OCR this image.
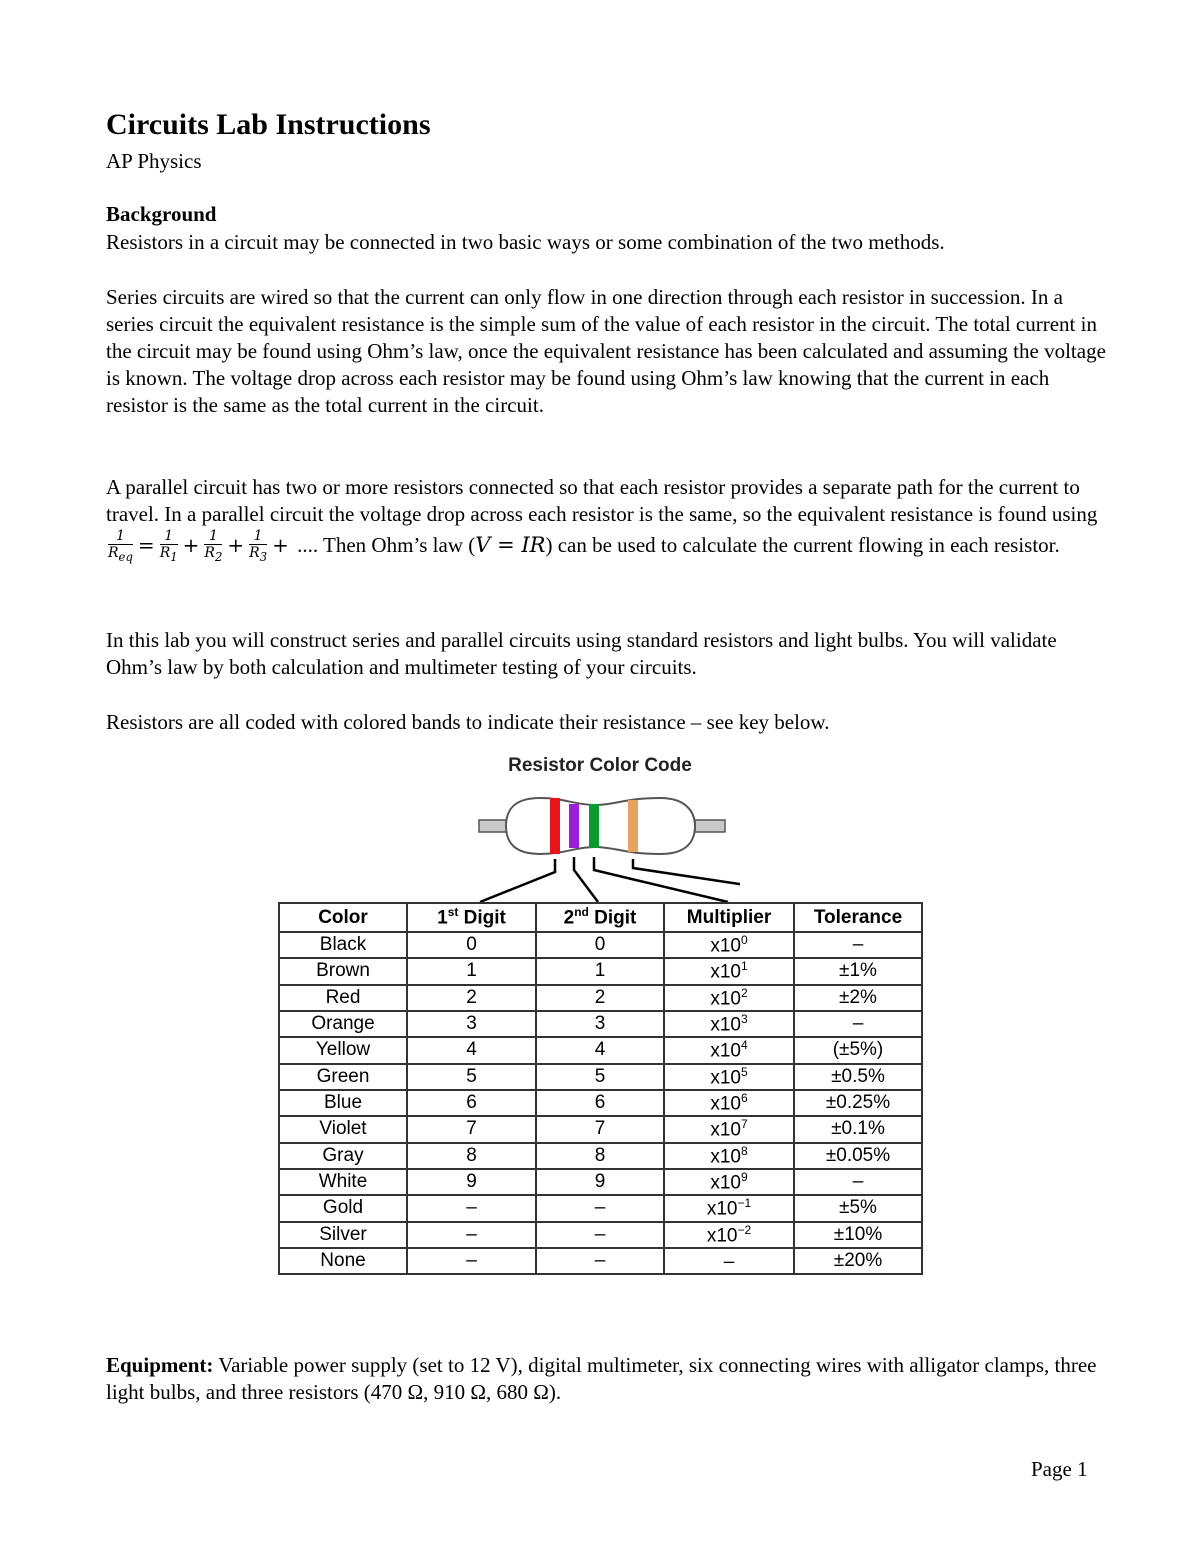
Circuits Lab Instructions
AP Physics
Background

Resistors in a circuit may be connected in two basic ways or some combination of the two methods.

Series circuits are wired so that the current can only flow in one direction through each resistor in succession. In a series circuit the equivalent resistance is the simple sum of the value of each resistor in the circuit. The total current in the circuit may be found using Ohm’s law, once the equivalent resistance has been calculated and assuming the voltage is known. The voltage drop across each resistor may be found using Ohm’s law knowing that the current in each resistor is the same as the total current in the circuit.

A parallel circuit has two or more resistors connected so that each resistor provides a separate path for the current to travel. In a parallel circuit the voltage drop across each resistor is the same, so the equivalent resistance is found using
$\frac{1}{R_{eq}} = \frac{1}{R_1} + \frac{1}{R_2} + \frac{1}{R_3}$ + .... Then Ohm’s law (V = IR) can be used to calculate the current flowing in each resistor.

In this lab you will construct series and parallel circuits using standard resistors and light bulbs. You will validate Ohm’s law by both calculation and multimeter testing of your circuits.

Resistors are all coded with colored bands to indicate their resistance – see key below.

Resistor Color Code
Color	1st Digit	2nd Digit	Multiplier	Tolerance
Black	0	0	$x10^0$	–
Brown	1	1	$x10^1$	±1%
Red	2	2	$x10^2$	±2%
Orange	3	3	$x10^3$	–
Yellow	4	4	$x10^4$	(±5%)
Green	5	5	$x10^5$	±0.5%
Blue	6	6	$x10^6$	±0.25%
Violet	7	7	$x10^7$	±0.1%
Gray	8	8	$x10^8$	±0.05%
White	9	9	$x10^9$	–
Gold	–	–	$x10^{-1}$	±5%
Silver	–	–	$x10^{-2}$	±10%
None	–	–	–	±20%

Equipment: Variable power supply (set to 12 V), digital multimeter, six connecting wires with alligator clamps, three light bulbs, and three resistors (470 Ω, 910 Ω, 680 Ω).

Page 1
